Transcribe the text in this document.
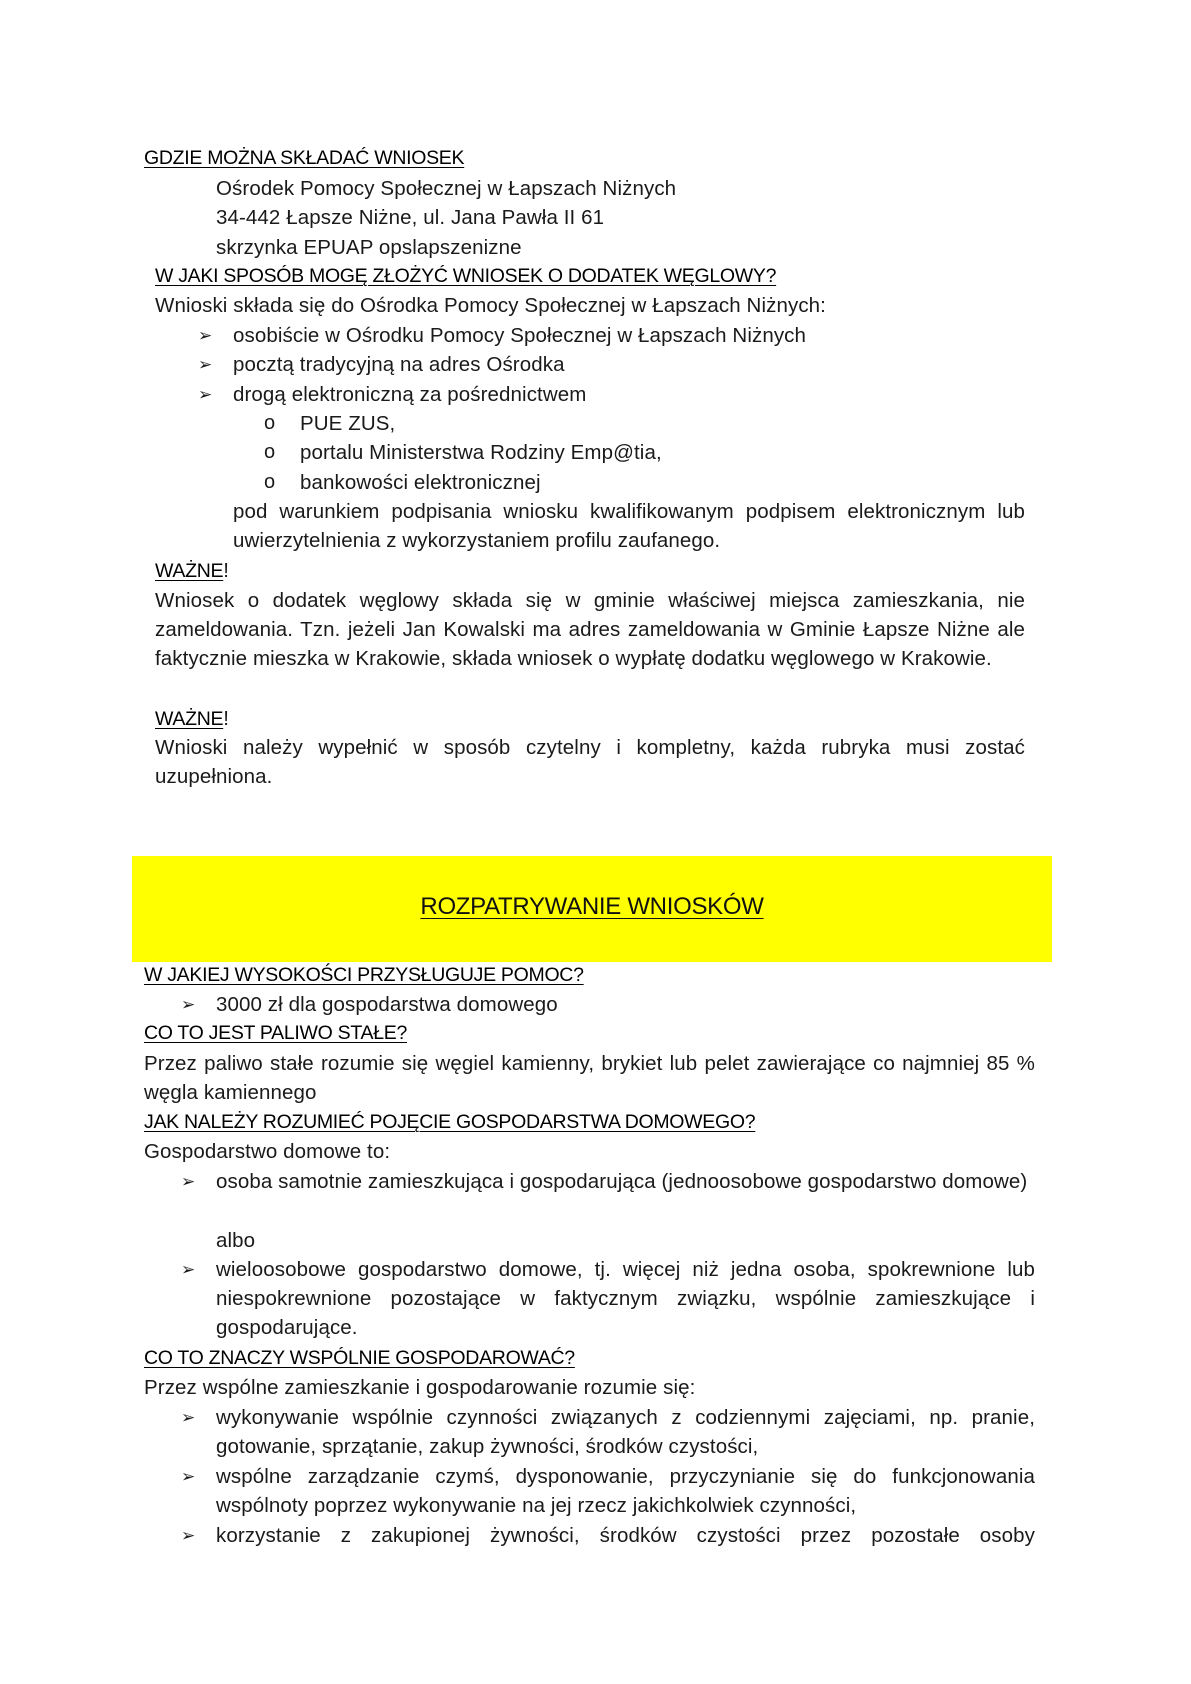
GDZIE MOŻNA SKŁADAĆ WNIOSEK
Ośrodek Pomocy Społecznej w Łapszach Niżnych
34-442 Łapsze Niżne, ul. Jana Pawła II 61
skrzynka EPUAP opslapszenizne
W JAKI SPOSÓB MOGĘ ZŁOŻYĆ WNIOSEK O DODATEK WĘGLOWY?
Wnioski składa się do Ośrodka Pomocy Społecznej w Łapszach Niżnych:
➢ osobiście w Ośrodku Pomocy Społecznej w Łapszach Niżnych
➢ pocztą tradycyjną na adres Ośrodka
➢ drogą elektroniczną za pośrednictwem
o PUE ZUS,
o portalu Ministerstwa Rodziny Emp@tia,
o bankowości elektronicznej
pod warunkiem podpisania wniosku kwalifikowanym podpisem elektronicznym lub uwierzytelnienia z wykorzystaniem profilu zaufanego.
WAŻNE!
Wniosek o dodatek węglowy składa się w gminie właściwej miejsca zamieszkania, nie zameldowania. Tzn. jeżeli Jan Kowalski ma adres zameldowania w Gminie Łapsze Niżne ale faktycznie mieszka w Krakowie, składa wniosek o wypłatę dodatku węglowego w Krakowie.
WAŻNE!
Wnioski należy wypełnić w sposób czytelny i kompletny, każda rubryka musi zostać uzupełniona.
ROZPATRYWANIE WNIOSKÓW
W JAKIEJ WYSOKOŚCI PRZYSŁUGUJE POMOC?
➢ 3000 zł dla gospodarstwa domowego
CO TO JEST PALIWO STAŁE?
Przez paliwo stałe rozumie się węgiel kamienny, brykiet lub pelet zawierające co najmniej 85 % węgla kamiennego
JAK NALEŻY ROZUMIEĆ POJĘCIE GOSPODARSTWA DOMOWEGO?
Gospodarstwo domowe to:
➢ osoba samotnie zamieszkująca i gospodarująca (jednoosobowe gospodarstwo domowe)
albo
➢ wieloosobowe gospodarstwo domowe, tj. więcej niż jedna osoba, spokrewnione lub niespokrewnione pozostające w faktycznym związku, wspólnie zamieszkujące i gospodarujące.
CO TO ZNACZY WSPÓLNIE GOSPODAROWAĆ?
Przez wspólne zamieszkanie i gospodarowanie rozumie się:
➢ wykonywanie wspólnie czynności związanych z codziennymi zajęciami, np. pranie, gotowanie, sprzątanie, zakup żywności, środków czystości,
➢ wspólne zarządzanie czymś, dysponowanie, przyczynianie się do funkcjonowania wspólnoty poprzez wykonywanie na jej rzecz jakichkolwiek czynności,
➢ korzystanie z zakupionej żywności, środków czystości przez pozostałe osoby
